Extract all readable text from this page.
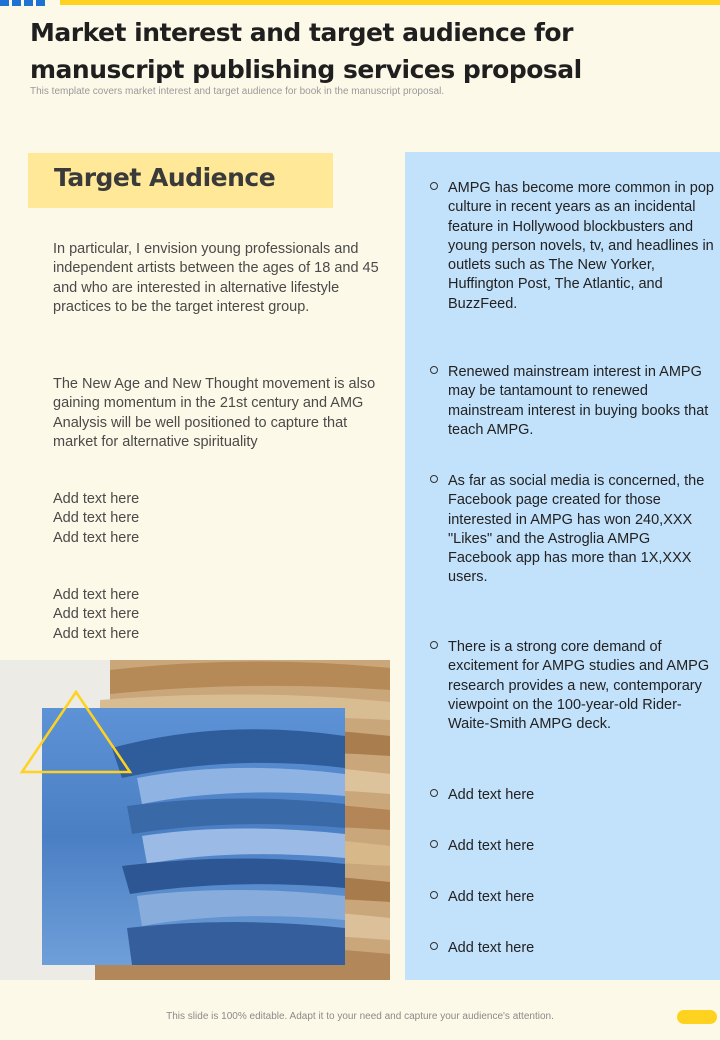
Market interest and target audience for manuscript publishing services proposal

This template covers market interest and target audience for book in the manuscript proposal.

Target Audience

In particular, I envision young professionals and independent artists between the ages of 18 and 45 and who are interested in alternative lifestyle practices to be the target interest group.

The New Age and New Thought movement is also gaining momentum in the 21st century and AMG Analysis will be well positioned to capture that market for alternative spirituality

Add text here
Add text here
Add text here
Add text here
Add text here
Add text here
AMPG has become more common in pop culture in recent years as an incidental feature in Hollywood blockbusters and young person novels, tv, and headlines in outlets such as The New Yorker, Huffington Post, The Atlantic, and BuzzFeed.
Renewed mainstream interest in AMPG may be tantamount to renewed mainstream interest in buying books that teach AMPG.
As far as social media is concerned, the Facebook page created for those interested in AMPG has won 240,XXX "Likes" and the Astroglia AMPG Facebook app has more than 1X,XXX users.
There is a strong core demand of excitement for AMPG studies and AMPG research provides a new, contemporary viewpoint on the 100-year-old Rider-Waite-Smith AMPG deck.
Add text here
Add text here
Add text here
Add text here

This slide is 100% editable. Adapt it to your need and capture your audience's attention.
